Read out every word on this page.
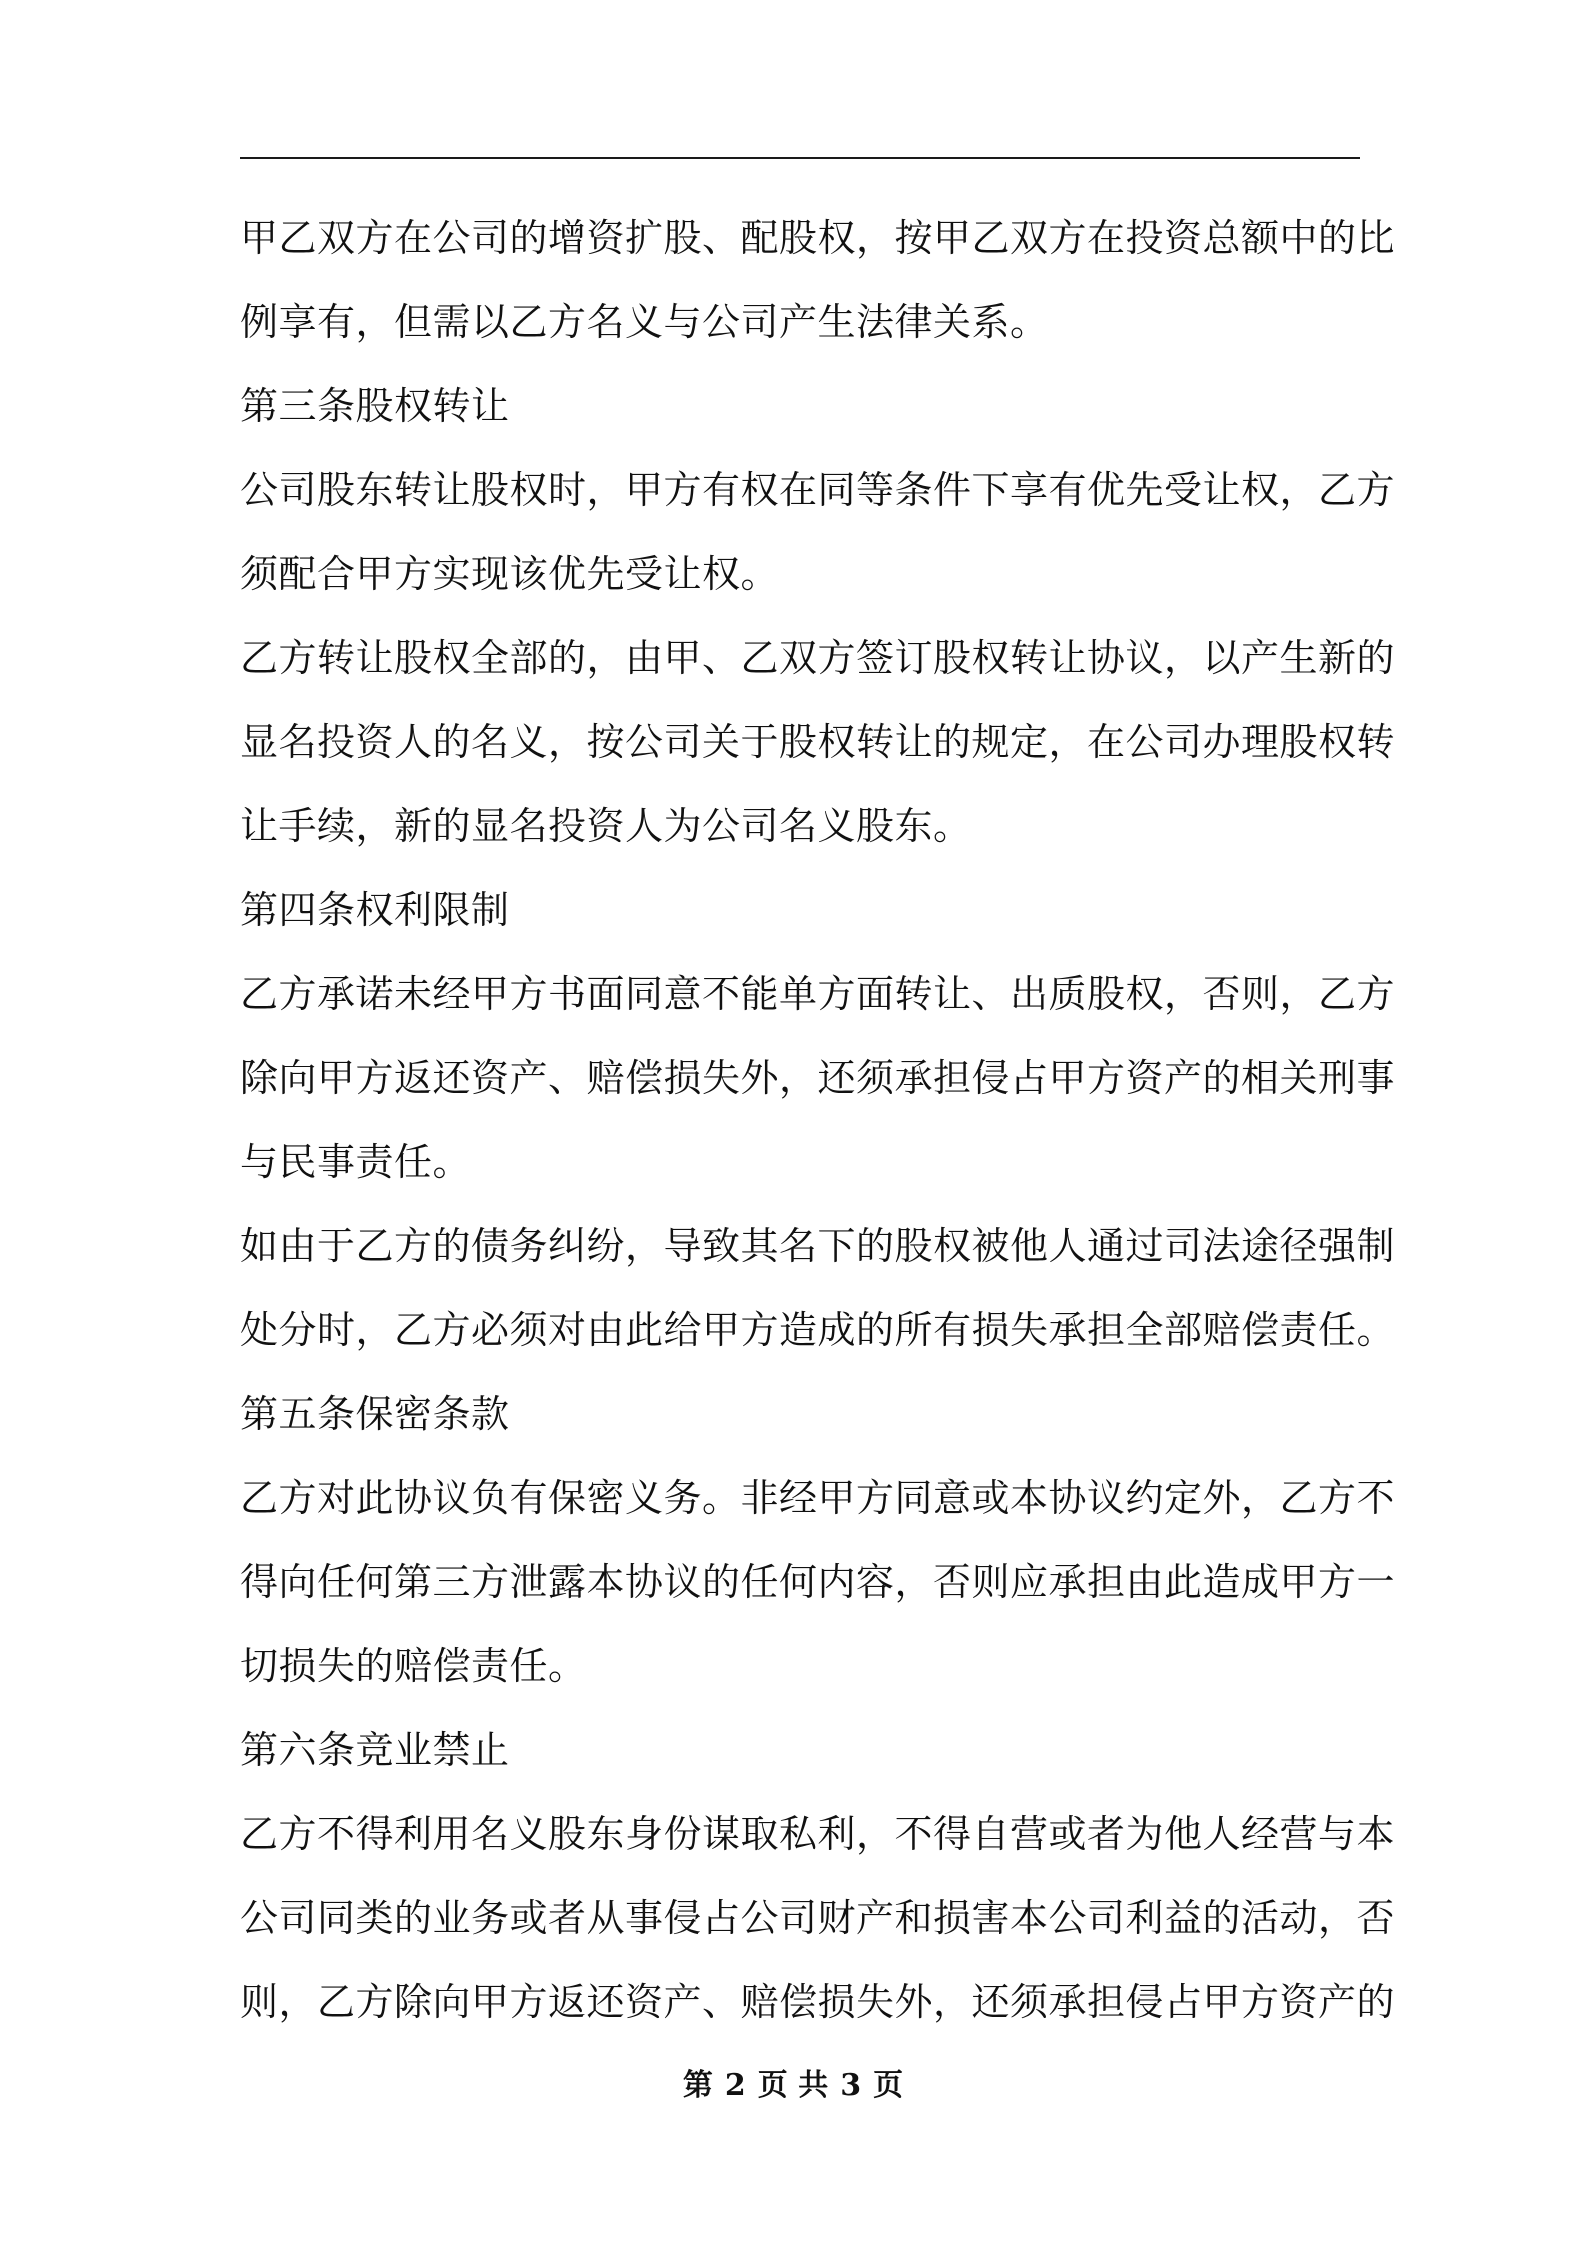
甲乙双方在公司的增资扩股、配股权，按甲乙双方在投资总额中的比
例享有，但需以乙方名义与公司产生法律关系。
第三条股权转让
公司股东转让股权时，甲方有权在同等条件下享有优先受让权，乙方
须配合甲方实现该优先受让权。
乙方转让股权全部的，由甲、乙双方签订股权转让协议，以产生新的
显名投资人的名义，按公司关于股权转让的规定，在公司办理股权转
让手续，新的显名投资人为公司名义股东。
第四条权利限制
乙方承诺未经甲方书面同意不能单方面转让、出质股权，否则，乙方
除向甲方返还资产、赔偿损失外，还须承担侵占甲方资产的相关刑事
与民事责任。
如由于乙方的债务纠纷，导致其名下的股权被他人通过司法途径强制
处分时，乙方必须对由此给甲方造成的所有损失承担全部赔偿责任。
第五条保密条款
乙方对此协议负有保密义务。非经甲方同意或本协议约定外，乙方不
得向任何第三方泄露本协议的任何内容，否则应承担由此造成甲方一
切损失的赔偿责任。
第六条竞业禁止
乙方不得利用名义股东身份谋取私利，不得自营或者为他人经营与本
公司同类的业务或者从事侵占公司财产和损害本公司利益的活动，否
则，乙方除向甲方返还资产、赔偿损失外，还须承担侵占甲方资产的
第 2 页 共 3 页
